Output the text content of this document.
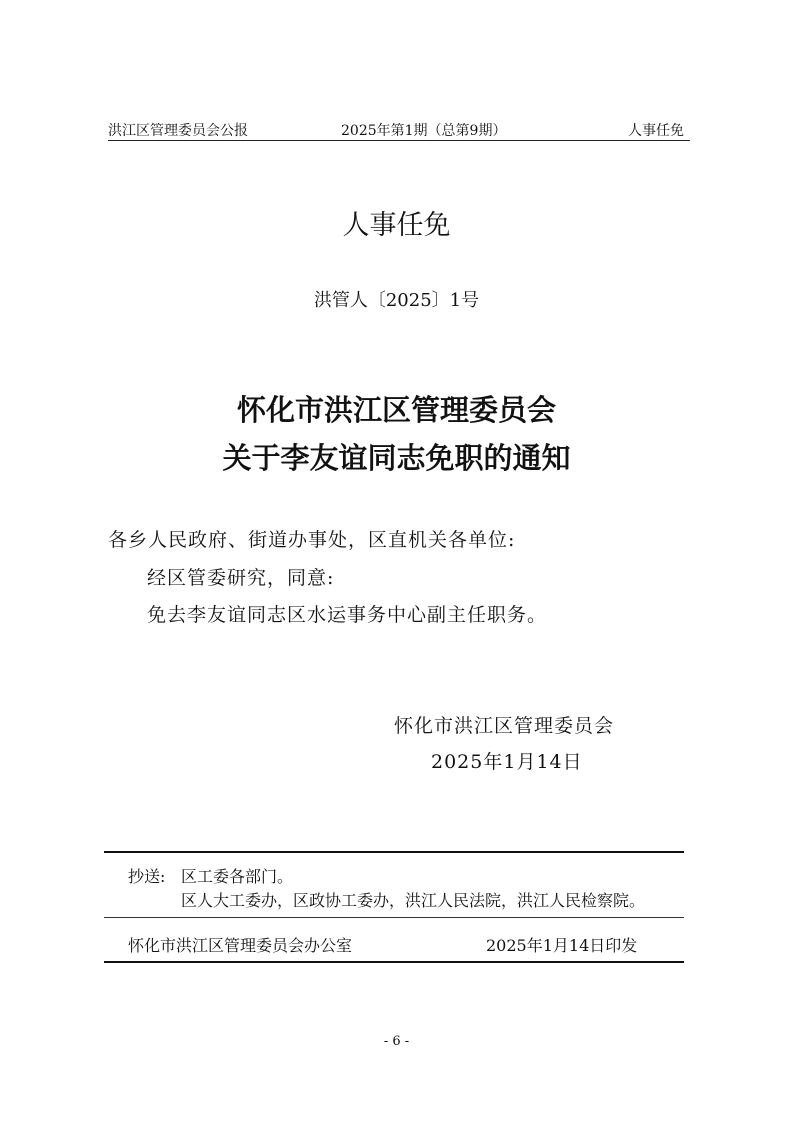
洪江区管理委员会公报	2025年第1期（总第9期）	人事任免
人事任免
洪管人〔2025〕1号
怀化市洪江区管理委员会
关于李友谊同志免职的通知
各乡人民政府、街道办事处，区直机关各单位:
经区管委研究，同意:
免去李友谊同志区水运事务中心副主任职务。
怀化市洪江区管理委员会
2025年1月14日
抄送: 区工委各部门。
区人大工委办，区政协工委办，洪江人民法院，洪江人民检察院。
怀化市洪江区管理委员会办公室	2025年1月14日印发
- 6 -
